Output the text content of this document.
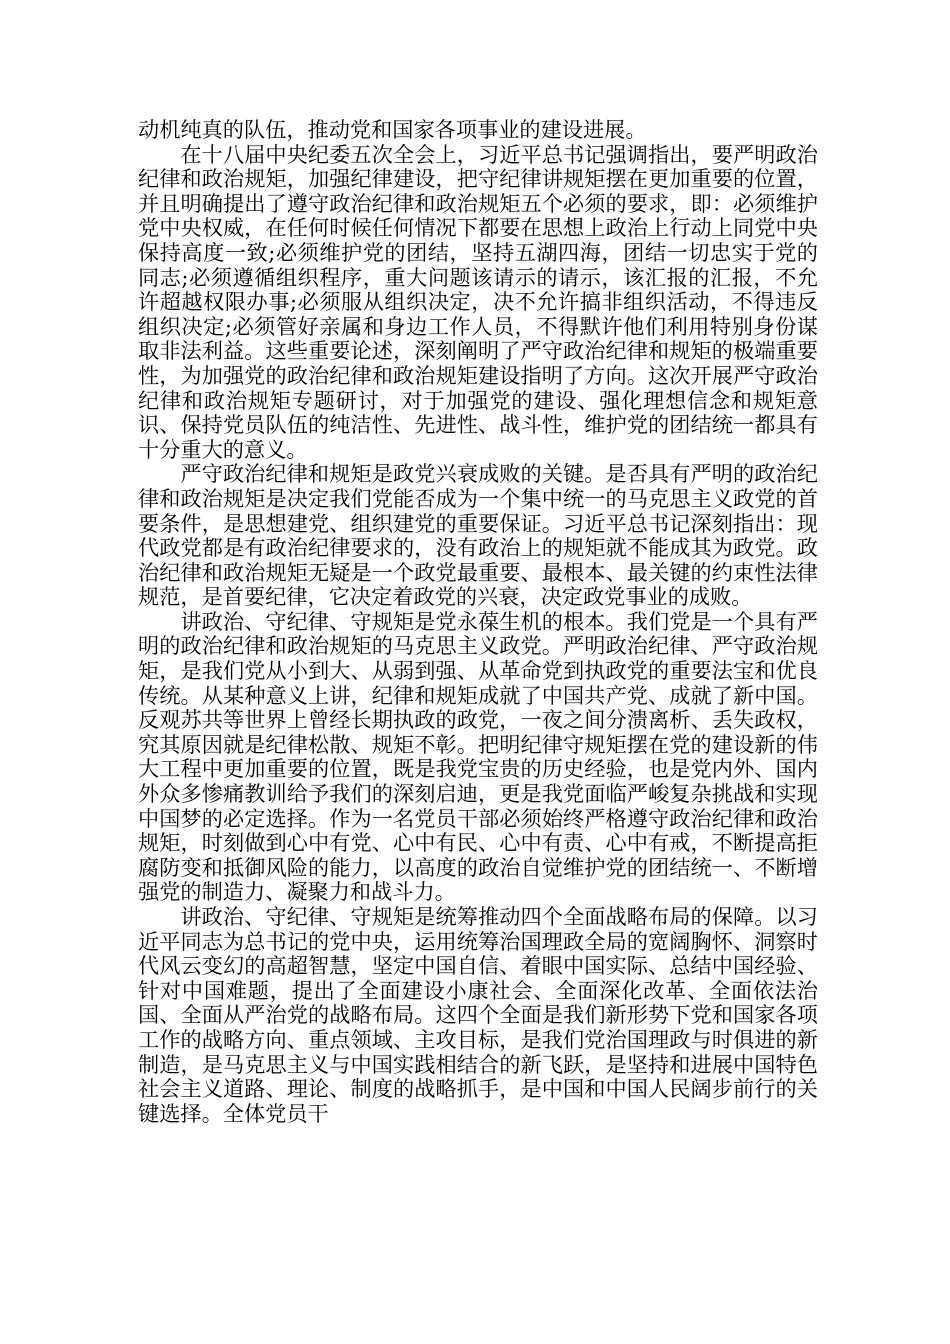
动机纯真的队伍，推动党和国家各项事业的建设进展。

在十八届中央纪委五次全会上，习近平总书记强调指出，要严明政治纪律和政治规矩，加强纪律建设，把守纪律讲规矩摆在更加重要的位置，并且明确提出了遵守政治纪律和政治规矩五个必须的要求，即：必须维护党中央权威，在任何时候任何情况下都要在思想上政治上行动上同党中央保持高度一致;必须维护党的团结，坚持五湖四海，团结一切忠实于党的同志;必须遵循组织程序，重大问题该请示的请示，该汇报的汇报，不允许超越权限办事;必须服从组织决定，决不允许搞非组织活动，不得违反组织决定;必须管好亲属和身边工作人员，不得默许他们利用特别身份谋取非法利益。这些重要论述，深刻阐明了严守政治纪律和规矩的极端重要性，为加强党的政治纪律和政治规矩建设指明了方向。这次开展严守政治纪律和政治规矩专题研讨，对于加强党的建设、强化理想信念和规矩意识、保持党员队伍的纯洁性、先进性、战斗性，维护党的团结统一都具有十分重大的意义。

严守政治纪律和规矩是政党兴衰成败的关键。是否具有严明的政治纪律和政治规矩是决定我们党能否成为一个集中统一的马克思主义政党的首要条件，是思想建党、组织建党的重要保证。习近平总书记深刻指出：现代政党都是有政治纪律要求的，没有政治上的规矩就不能成其为政党。政治纪律和政治规矩无疑是一个政党最重要、最根本、最关键的约束性法律规范，是首要纪律，它决定着政党的兴衰，决定政党事业的成败。

讲政治、守纪律、守规矩是党永葆生机的根本。我们党是一个具有严明的政治纪律和政治规矩的马克思主义政党。严明政治纪律、严守政治规矩，是我们党从小到大、从弱到强、从革命党到执政党的重要法宝和优良传统。从某种意义上讲，纪律和规矩成就了中国共产党、成就了新中国。反观苏共等世界上曾经长期执政的政党，一夜之间分溃离析、丢失政权，究其原因就是纪律松散、规矩不彰。把明纪律守规矩摆在党的建设新的伟大工程中更加重要的位置，既是我党宝贵的历史经验，也是党内外、国内外众多惨痛教训给予我们的深刻启迪，更是我党面临严峻复杂挑战和实现中国梦的必定选择。作为一名党员干部必须始终严格遵守政治纪律和政治规矩，时刻做到心中有党、心中有民、心中有责、心中有戒，不断提高拒腐防变和抵御风险的能力，以高度的政治自觉维护党的团结统一、不断增强党的制造力、凝聚力和战斗力。

讲政治、守纪律、守规矩是统筹推动四个全面战略布局的保障。以习近平同志为总书记的党中央，运用统筹治国理政全局的宽阔胸怀、洞察时代风云变幻的高超智慧，坚定中国自信、着眼中国实际、总结中国经验、针对中国难题，提出了全面建设小康社会、全面深化改革、全面依法治国、全面从严治党的战略布局。这四个全面是我们新形势下党和国家各项工作的战略方向、重点领域、主攻目标，是我们党治国理政与时俱进的新制造，是马克思主义与中国实践相结合的新飞跃，是坚持和进展中国特色社会主义道路、理论、制度的战略抓手，是中国和中国人民阔步前行的关键选择。全体党员干
